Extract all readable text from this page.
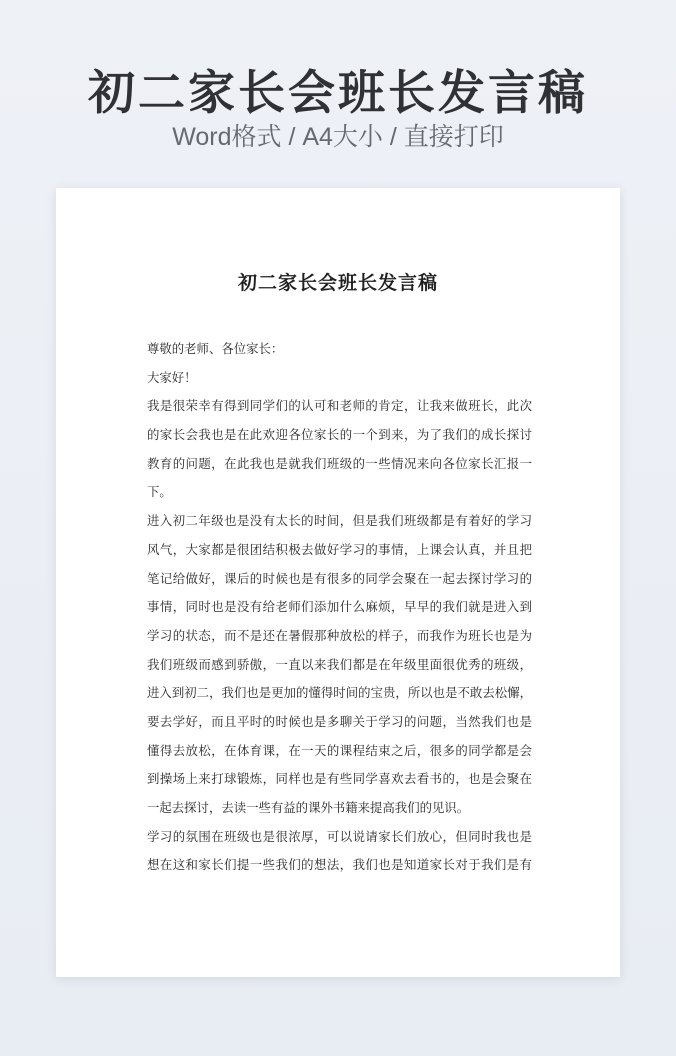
初二家长会班长发言稿
Word格式 / A4大小 / 直接打印
初二家长会班长发言稿
尊敬的老师、各位家长：
大家好！
我是很荣幸有得到同学们的认可和老师的肯定，让我来做班长，此次
的家长会我也是在此欢迎各位家长的一个到来，为了我们的成长探讨
教育的问题，在此我也是就我们班级的一些情况来向各位家长汇报一
下。
进入初二年级也是没有太长的时间，但是我们班级都是有着好的学习
风气，大家都是很团结积极去做好学习的事情，上课会认真，并且把
笔记给做好，课后的时候也是有很多的同学会聚在一起去探讨学习的
事情，同时也是没有给老师们添加什么麻烦，早早的我们就是进入到
学习的状态，而不是还在暑假那种放松的样子，而我作为班长也是为
我们班级而感到骄傲，一直以来我们都是在年级里面很优秀的班级，
进入到初二，我们也是更加的懂得时间的宝贵，所以也是不敢去松懈，
要去学好，而且平时的时候也是多聊关于学习的问题，当然我们也是
懂得去放松，在体育课，在一天的课程结束之后，很多的同学都是会
到操场上来打球锻炼，同样也是有些同学喜欢去看书的，也是会聚在
一起去探讨，去读一些有益的课外书籍来提高我们的见识。
学习的氛围在班级也是很浓厚，可以说请家长们放心，但同时我也是
想在这和家长们提一些我们的想法，我们也是知道家长对于我们是有
